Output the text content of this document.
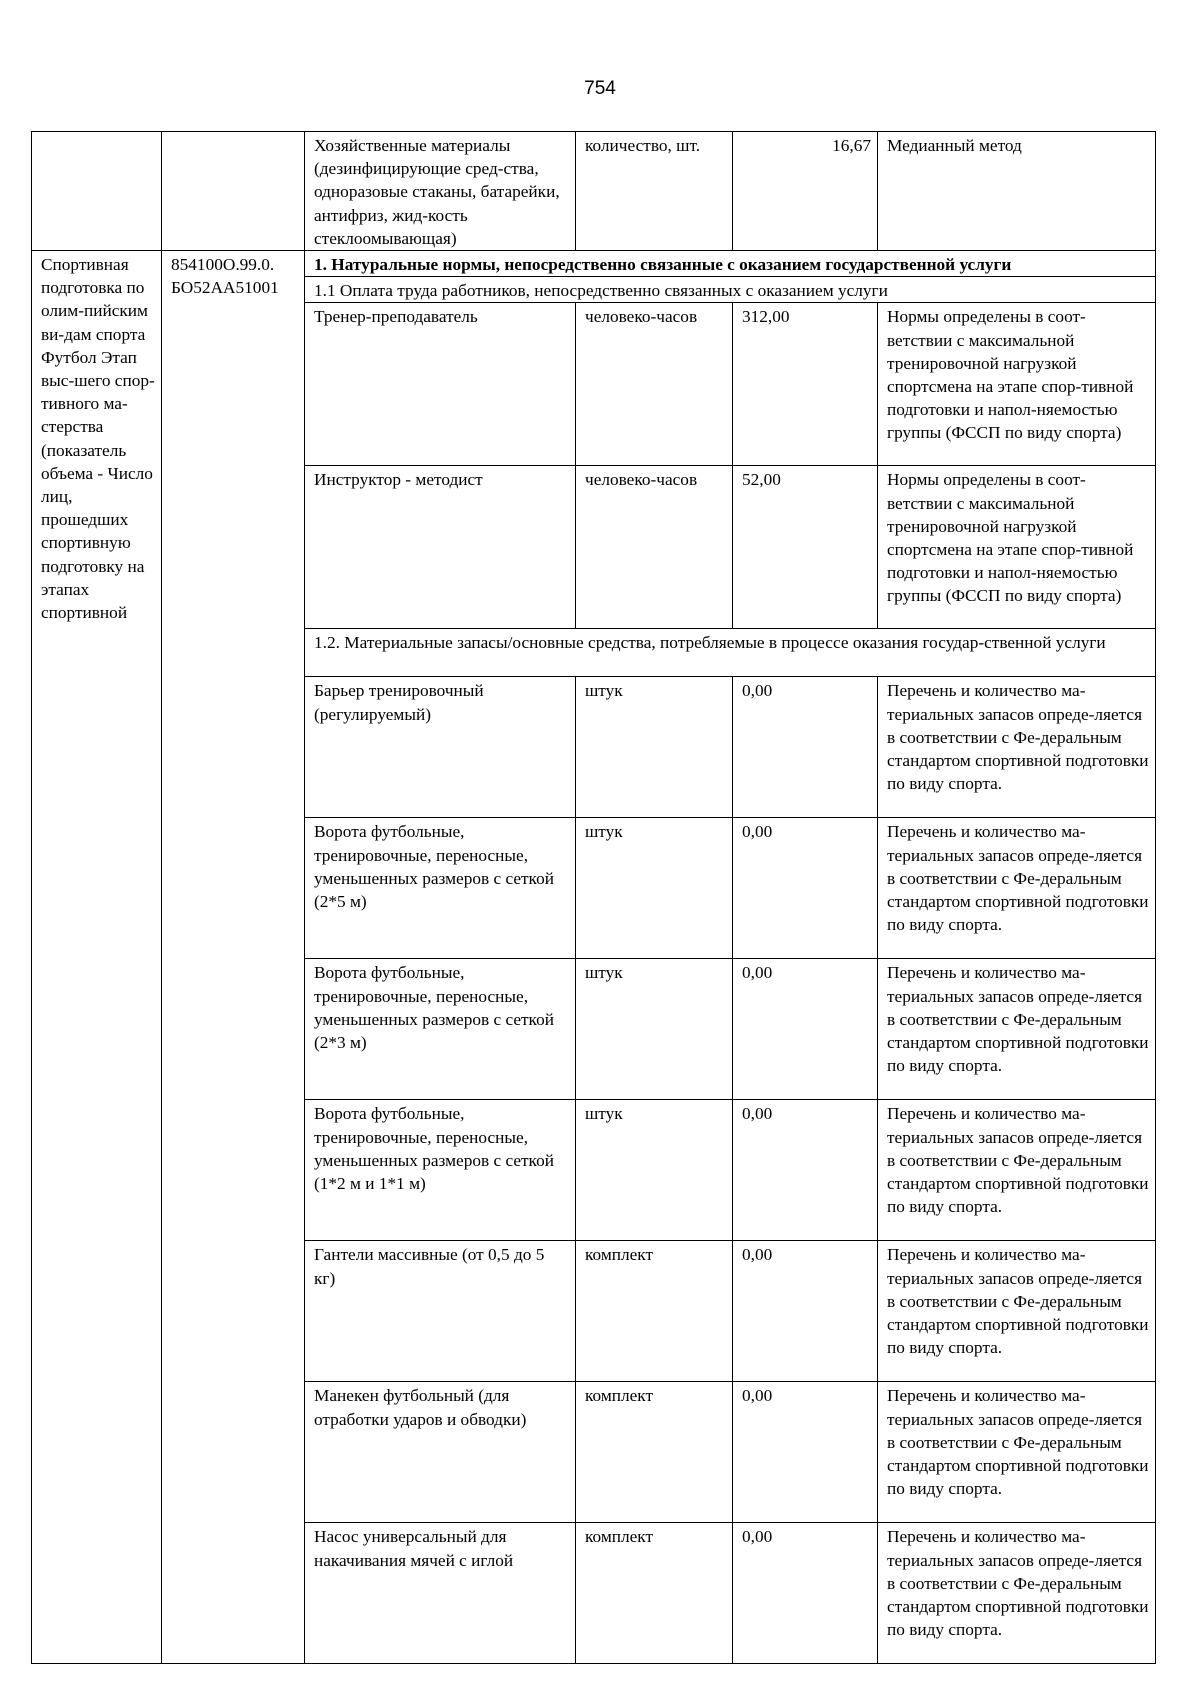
754
		Хозяйственные материалы (дезинфицирующие сред-ства, одноразовые стаканы, батарейки, антифриз, жид-кость стеклоомывающая)	количество, шт.	16,67	Медианный метод
Спортивная подготовка по олим-пийским ви-дам спорта Футбол Этап выс-шего спор-тивного ма-стерства (показатель объема - Число лиц, прошедших спортивную подготовку на этапах спортивной	854100О.99.0. БО52АА51001	1. Натуральные нормы, непосредственно связанные с оказанием государственной услуги			
		1.1 Оплата труда работников, непосредственно связанных с оказанием услуги			
		Тренер-преподаватель	человеко-часов	312,00	Нормы определены в соот-ветствии с максимальной тренировочной нагрузкой спортсмена на этапе спор-тивной подготовки и напол-няемостью группы (ФССП по виду спорта)
		Инструктор - методист	человеко-часов	52,00	Нормы определены в соот-ветствии с максимальной тренировочной нагрузкой спортсмена на этапе спор-тивной подготовки и напол-няемостью группы (ФССП по виду спорта)
		1.2. Материальные запасы/основные средства, потребляемые в процессе оказания государ-ственной услуги			
		Барьер тренировочный (регулируемый)	штук	0,00	Перечень и количество ма-териальных запасов опреде-ляется в соответствии с Фе-деральным стандартом спортивной подготовки по виду спорта.
		Ворота футбольные, тренировочные, переносные, уменьшенных размеров с сеткой (2*5 м)	штук	0,00	Перечень и количество ма-териальных запасов опреде-ляется в соответствии с Фе-деральным стандартом спортивной подготовки по виду спорта.
		Ворота футбольные, тренировочные, переносные, уменьшенных размеров с сеткой (2*3 м)	штук	0,00	Перечень и количество ма-териальных запасов опреде-ляется в соответствии с Фе-деральным стандартом спортивной подготовки по виду спорта.
		Ворота футбольные, тренировочные, переносные, уменьшенных размеров с сеткой (1*2 м и 1*1 м)	штук	0,00	Перечень и количество ма-териальных запасов опреде-ляется в соответствии с Фе-деральным стандартом спортивной подготовки по виду спорта.
		Гантели массивные (от 0,5 до 5 кг)	комплект	0,00	Перечень и количество ма-териальных запасов опреде-ляется в соответствии с Фе-деральным стандартом спортивной подготовки по виду спорта.
		Манекен футбольный (для отработки ударов и обводки)	комплект	0,00	Перечень и количество ма-териальных запасов опреде-ляется в соответствии с Фе-деральным стандартом спортивной подготовки по виду спорта.
		Насос универсальный для накачивания мячей с иглой	комплект	0,00	Перечень и количество ма-териальных запасов опреде-ляется в соответствии с Фе-деральным стандартом спортивной подготовки по виду спорта.
